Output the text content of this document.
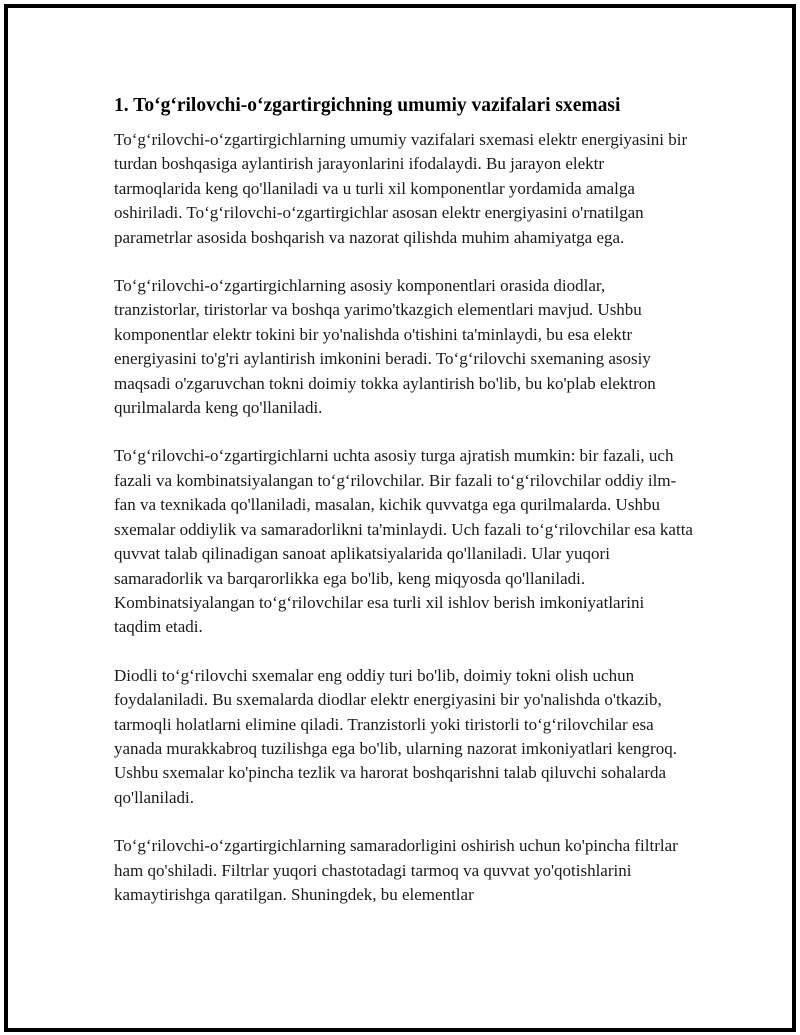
1. To‘g‘rilovchi-o‘zgartirgichning umumiy vazifalari sxemasi

To‘g‘rilovchi-o‘zgartirgichlarning umumiy vazifalari sxemasi elektr energiyasini bir turdan boshqasiga aylantirish jarayonlarini ifodalaydi. Bu jarayon elektr tarmoqlarida keng qo'llaniladi va u turli xil komponentlar yordamida amalga oshiriladi. To‘g‘rilovchi-o‘zgartirgichlar asosan elektr energiyasini o'rnatilgan parametrlar asosida boshqarish va nazorat qilishda muhim ahamiyatga ega.

To‘g‘rilovchi-o‘zgartirgichlarning asosiy komponentlari orasida diodlar, tranzistorlar, tiristorlar va boshqa yarimo'tkazgich elementlari mavjud. Ushbu komponentlar elektr tokini bir yo'nalishda o'tishini ta'minlaydi, bu esa elektr energiyasini to'g'ri aylantirish imkonini beradi. To‘g‘rilovchi sxemaning asosiy maqsadi o'zgaruvchan tokni doimiy tokka aylantirish bo'lib, bu ko'plab elektron qurilmalarda keng qo'llaniladi.

To‘g‘rilovchi-o‘zgartirgichlarni uchta asosiy turga ajratish mumkin: bir fazali, uch fazali va kombinatsiyalangan to‘g‘rilovchilar. Bir fazali to‘g‘rilovchilar oddiy ilm-fan va texnikada qo'llaniladi, masalan, kichik quvvatga ega qurilmalarda. Ushbu sxemalar oddiylik va samaradorlikni ta'minlaydi. Uch fazali to‘g‘rilovchilar esa katta quvvat talab qilinadigan sanoat aplikatsiyalarida qo'llaniladi. Ular yuqori samaradorlik va barqarorlikka ega bo'lib, keng miqyosda qo'llaniladi. Kombinatsiyalangan to‘g‘rilovchilar esa turli xil ishlov berish imkoniyatlarini taqdim etadi.

Diodli to‘g‘rilovchi sxemalar eng oddiy turi bo'lib, doimiy tokni olish uchun foydalaniladi. Bu sxemalarda diodlar elektr energiyasini bir yo'nalishda o'tkazib, tarmoqli holatlarni elimine qiladi. Tranzistorli yoki tiristorli to‘g‘rilovchilar esa yanada murakkabroq tuzilishga ega bo'lib, ularning nazorat imkoniyatlari kengroq. Ushbu sxemalar ko'pincha tezlik va harorat boshqarishni talab qiluvchi sohalarda qo'llaniladi.

To‘g‘rilovchi-o‘zgartirgichlarning samaradorligini oshirish uchun ko'pincha filtrlar ham qo'shiladi. Filtrlar yuqori chastotadagi tarmoq va quvvat yo'qotishlarini kamaytirishga qaratilgan. Shuningdek, bu elementlar
